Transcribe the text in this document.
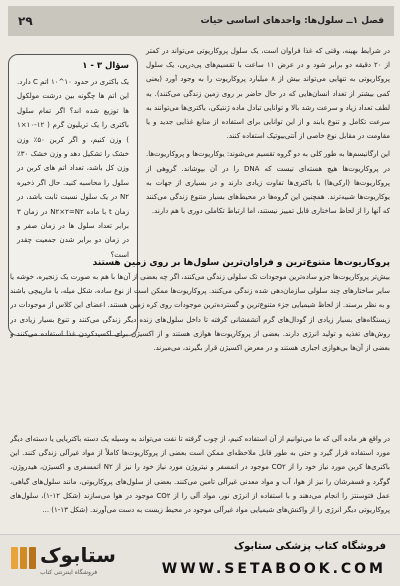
فصل ۱ــ سلول‌ها: واحدهای اساسی حیات
۲۹
سؤال ۳ - ۱
یک باکتری در حدود ۱۰^۱۰ اتم C دارد. این اتم ها چگونه بین درشت مولکول ها توزیع شده اند؟ اگر تمام سلول باکتری را یک تریلیون گرم ( ۱۲-۱۰×۱ ) وزن کنیم، و اگر کربن ۵۰٪ وزن خشک را تشکیل دهد و وزن خشک ۳۰٪ وزن کل باشد، تعداد اتم های کربن در سلول را محاسبه کنید. حال اگر ذخیره N۲ در یک سلول نسبت ثابت باشد، در زمان t با ماده N۲×۲=N۲ در زمان ۳ برابر تعداد سلول ها در زمان صفر و در زمان دو برابر شدن جمعیت چقدر است؟

در شرایط بهینه، وقتی که غذا فراوان است، یک سلول پروکاریوتی می‌تواند در کمتر از ۲۰ دقیقه دو برابر شود و در عرض ۱۱ ساعت با تقسیم‌های پی‌در‌پی، یک سلول پروکاریوتی به تنهایی می‌تواند بیش از ۸ میلیارد پروکاریوت را به وجود آورد (یعنی کمی بیشتر از تعداد انسان‌هایی که در حال حاضر بر روی زمین زندگی می‌کنند). به لطف تعداد زیاد و سرعت رشد بالا و توانایی تبادل ماده ژنتیکی، باکتری‌ها می‌توانند به سرعت تکامل و تنوع یابند و از این توانایی برای استفاده از منابع غذایی جدید و یا مقاومت در مقابل نوع خاصی از آنتی‌بیوتیک استفاده کنند.

این ارگانیسم‌ها به طور کلی به دو گروه تقسیم می‌شوند: یوکاریوت‌ها و پروکاریوت‌ها. در پروکاریوت‌ها هیچ هسته‌ای نیست که DNA را در آن بپوشاند. گروهی از پروکاریوت‌ها (ارکی‌ها) با باکتری‌ها تفاوت زیادی دارند و در بسیاری از جهات به یوکاریوت‌ها شبیه‌ترند. همچنین این گروه‌ها در محیط‌های بسیار متنوع زندگی می‌کنند که آنها را از لحاظ ساختاری قابل تمییز نیستند، اما ارتباط تکاملی دوری با هم دارند.

پروکاریوت‌ها متنوع‌ترین و فراوان‌ترین سلول‌ها بر روی زمین هستند

بیش‌تر پروکاریوت‌ها جزو ساده‌ترین موجودات تک سلولی زندگی می‌کنند، اگر چه بعضی از آن‌ها با هم به صورت یک زنجیره، خوشه یا سایر ساختارهای چند سلولی سازمان‌دهی شده زندگی می‌کنند. پروکاریوت‌ها ممکن است از نوع ساده، شکل میله، یا مارپیچی باشند و به نظر برسند. از لحاظ شیمیایی جزء متنوع‌ترین و گسترده‌ترین موجودات روی کره زمین هستند. اعضای این کلاس از موجودات در زیستگاه‌های بسیار زیادی از گودال‌های گرم آتشفشانی گرفته تا داخل سلول‌های زنده دیگر زندگی می‌کنند و تنوع بسیار زیادی در روش‌های تغذیه و تولید انرژی دارند. بعضی از پروکاریوت‌ها هوازی هستند و از اکسیژن برای اکسیدکردن غذا استفاده می‌کنند و بعضی از آن‌ها بی‌هوازی اجباری هستند و در معرض اکسیژن قرار بگیرند، می‌میرند.

در واقع هر ماده آلی که ما می‌توانیم از آن استفاده کنیم، از چوب گرفته تا نفت می‌تواند به وسیله یک دسته باکتریایی یا دسته‌ای دیگر مورد استفاده قرار گیرد و حتی به طور قابل ملاحظه‌ای ممکن است بعضی از پروکاریوت‌ها کاملاً از مواد غیرآلی زندگی کنند. این باکتری‌ها کربن مورد نیاز خود را از CO۲ موجود در اتمسفر و نیتروژن مورد نیاز خود را نیز از N۲ اتمسفری و اکسیژن، هیدروژن، گوگرد و فسفرشان را نیز از هوا، آب و مواد معدنی غیرآلی تامین می‌کنند. بعضی از سلول‌های پروکاریوتی، مانند سلول‌های گیاهی، عمل فتوسنتز را انجام می‌دهند و با استفاده از انرژی نور، مواد آلی را از CO۲ موجود در هوا می‌سازند (شکل ۱۲-۱)، سلول‌های پروکاریوتی دیگر انرژی را از واکنش‌های شیمیایی مواد غیرآلی موجود در محیط زیست به دست می‌آورند. (شکل ۱۳-۱) ...

ستابوک
فروشگاه اینترنتی کتاب
فروشگاه کتاب پزشکی ستابوک
WWW.SETABOOK.COM
